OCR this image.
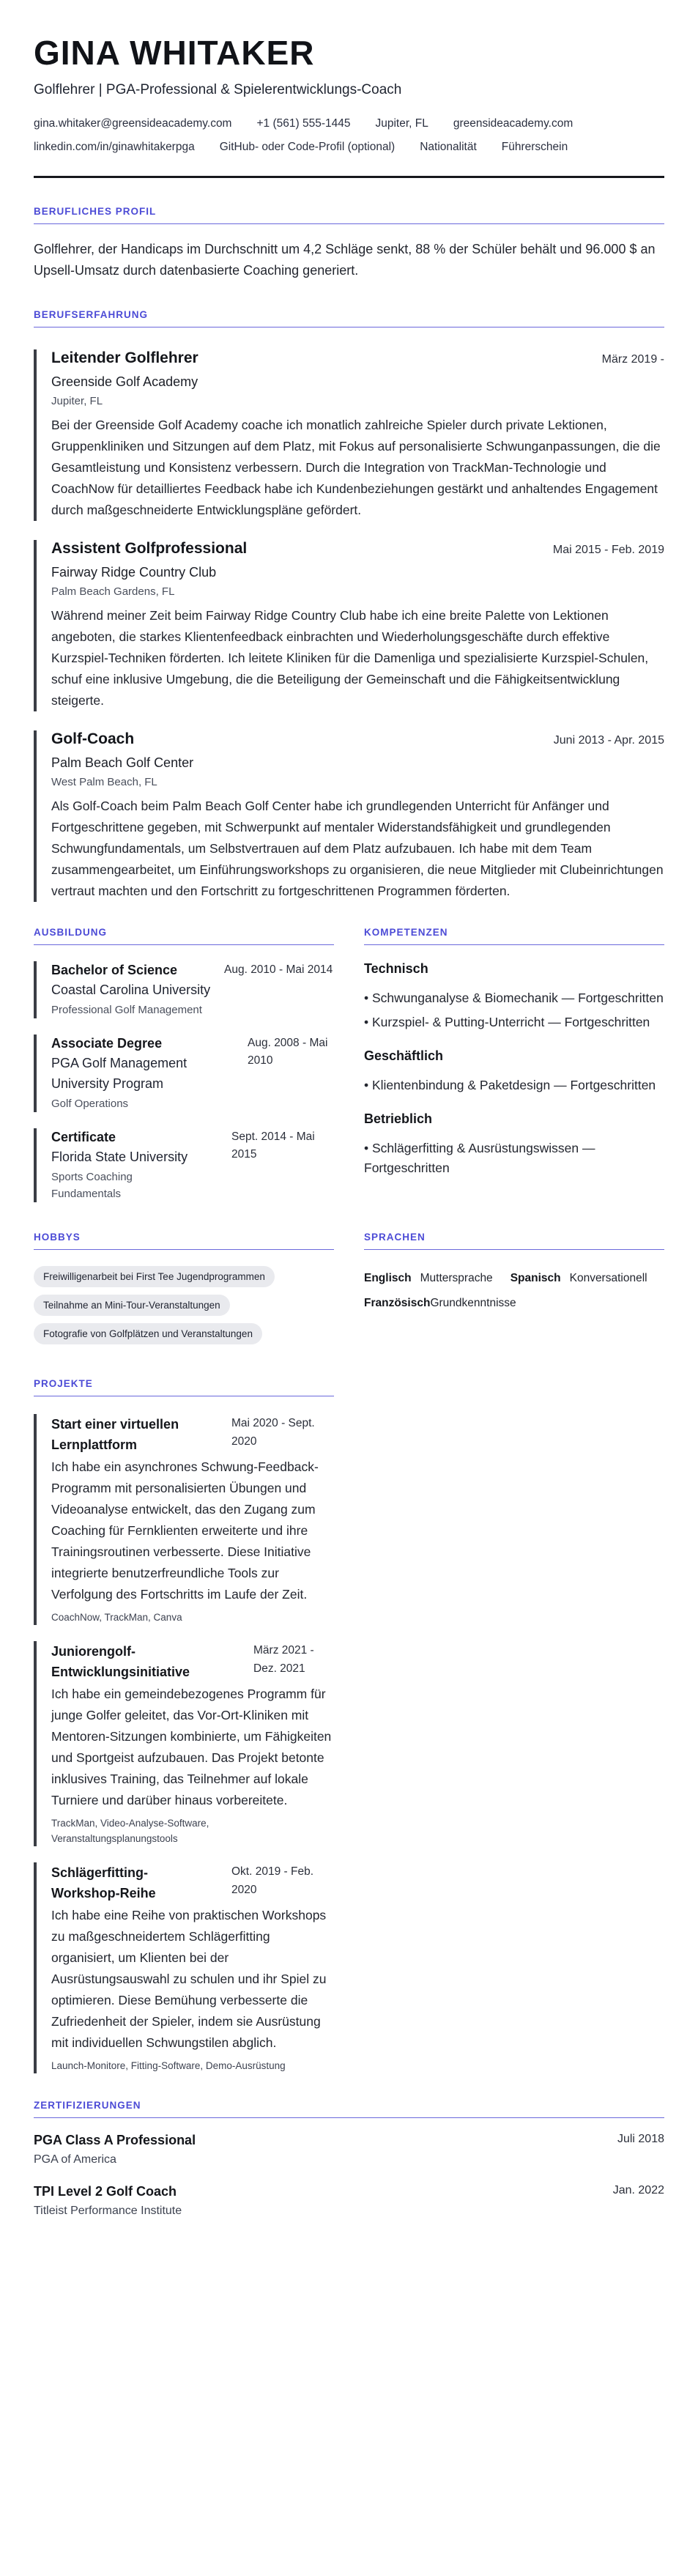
GINA WHITAKER
Golflehrer | PGA-Professional & Spielerentwicklungs-Coach
gina.whitaker@greensideacademy.com +1 (561) 555-1445 Jupiter, FL greensideacademy.com
linkedin.com/in/ginawhitakerpga GitHub- oder Code-Profil (optional) Nationalität Führerschein
BERUFLICHES PROFIL
Golflehrer, der Handicaps im Durchschnitt um 4,2 Schläge senkt, 88 % der Schüler behält und 96.000 $ an Upsell-Umsatz durch datenbasierte Coaching generiert.
BERUFSERFAHRUNG
Leitender Golflehrer	März 2019 -
Greenside Golf Academy
Jupiter, FL
Bei der Greenside Golf Academy coache ich monatlich zahlreiche Spieler durch private Lektionen, Gruppenkliniken und Sitzungen auf dem Platz, mit Fokus auf personalisierte Schwunganpassungen, die die Gesamtleistung und Konsistenz verbessern. Durch die Integration von TrackMan-Technologie und CoachNow für detailliertes Feedback habe ich Kundenbeziehungen gestärkt und anhaltendes Engagement durch maßgeschneiderte Entwicklungspläne gefördert.
Assistent Golfprofessional	Mai 2015 - Feb. 2019
Fairway Ridge Country Club
Palm Beach Gardens, FL
Während meiner Zeit beim Fairway Ridge Country Club habe ich eine breite Palette von Lektionen angeboten, die starkes Klientenfeedback einbrachten und Wiederholungsgeschäfte durch effektive Kurzspiel-Techniken förderten. Ich leitete Kliniken für die Damenliga und spezialisierte Kurzspiel-Schulen, schuf eine inklusive Umgebung, die die Beteiligung der Gemeinschaft und die Fähigkeitsentwicklung steigerte.
Golf-Coach	Juni 2013 - Apr. 2015
Palm Beach Golf Center
West Palm Beach, FL
Als Golf-Coach beim Palm Beach Golf Center habe ich grundlegenden Unterricht für Anfänger und Fortgeschrittene gegeben, mit Schwerpunkt auf mentaler Widerstandsfähigkeit und grundlegenden Schwungfundamentals, um Selbstvertrauen auf dem Platz aufzubauen. Ich habe mit dem Team zusammengearbeitet, um Einführungsworkshops zu organisieren, die neue Mitglieder mit Clubeinrichtungen vertraut machten und den Fortschritt zu fortgeschrittenen Programmen förderten.
AUSBILDUNG
Bachelor of Science
Coastal Carolina University
Professional Golf Management
Aug. 2010 - Mai 2014
Associate Degree
PGA Golf Management University Program
Golf Operations
Aug. 2008 - Mai 2010
Certificate
Florida State University
Sports Coaching Fundamentals
Sept. 2014 - Mai 2015
KOMPETENZEN
Technisch
• Schwunganalyse & Biomechanik — Fortgeschritten
• Kurzspiel- & Putting-Unterricht — Fortgeschritten
Geschäftlich
• Klientenbindung & Paketdesign — Fortgeschritten
Betrieblich
• Schlägerfitting & Ausrüstungswissen — Fortgeschritten
HOBBYS
Freiwilligenarbeit bei First Tee Jugendprogrammen
Teilnahme an Mini-Tour-Veranstaltungen
Fotografie von Golfplätzen und Veranstaltungen
SPRACHEN
Englisch Muttersprache Spanisch Konversationell
Französisch Grundkenntnisse
PROJEKTE
Start einer virtuellen Lernplattform
Mai 2020 - Sept. 2020
Ich habe ein asynchrones Schwung-Feedback-Programm mit personalisierten Übungen und Videoanalyse entwickelt, das den Zugang zum Coaching für Fernklienten erweiterte und ihre Trainingsroutinen verbesserte. Diese Initiative integrierte benutzerfreundliche Tools zur Verfolgung des Fortschritts im Laufe der Zeit.
CoachNow, TrackMan, Canva
Juniorengolf-Entwicklungsinitiative
März 2021 - Dez. 2021
Ich habe ein gemeindebezogenes Programm für junge Golfer geleitet, das Vor-Ort-Kliniken mit Mentoren-Sitzungen kombinierte, um Fähigkeiten und Sportgeist aufzubauen. Das Projekt betonte inklusives Training, das Teilnehmer auf lokale Turniere und darüber hinaus vorbereitete.
TrackMan, Video-Analyse-Software, Veranstaltungsplanungstools
Schlägerfitting-Workshop-Reihe
Okt. 2019 - Feb. 2020
Ich habe eine Reihe von praktischen Workshops zu maßgeschneidertem Schlägerfitting organisiert, um Klienten bei der Ausrüstungsauswahl zu schulen und ihr Spiel zu optimieren. Diese Bemühung verbesserte die Zufriedenheit der Spieler, indem sie Ausrüstung mit individuellen Schwungstilen abglich.
Launch-Monitore, Fitting-Software, Demo-Ausrüstung
ZERTIFIZIERUNGEN
PGA Class A Professional	Juli 2018
PGA of America
TPI Level 2 Golf Coach	Jan. 2022
Titleist Performance Institute
